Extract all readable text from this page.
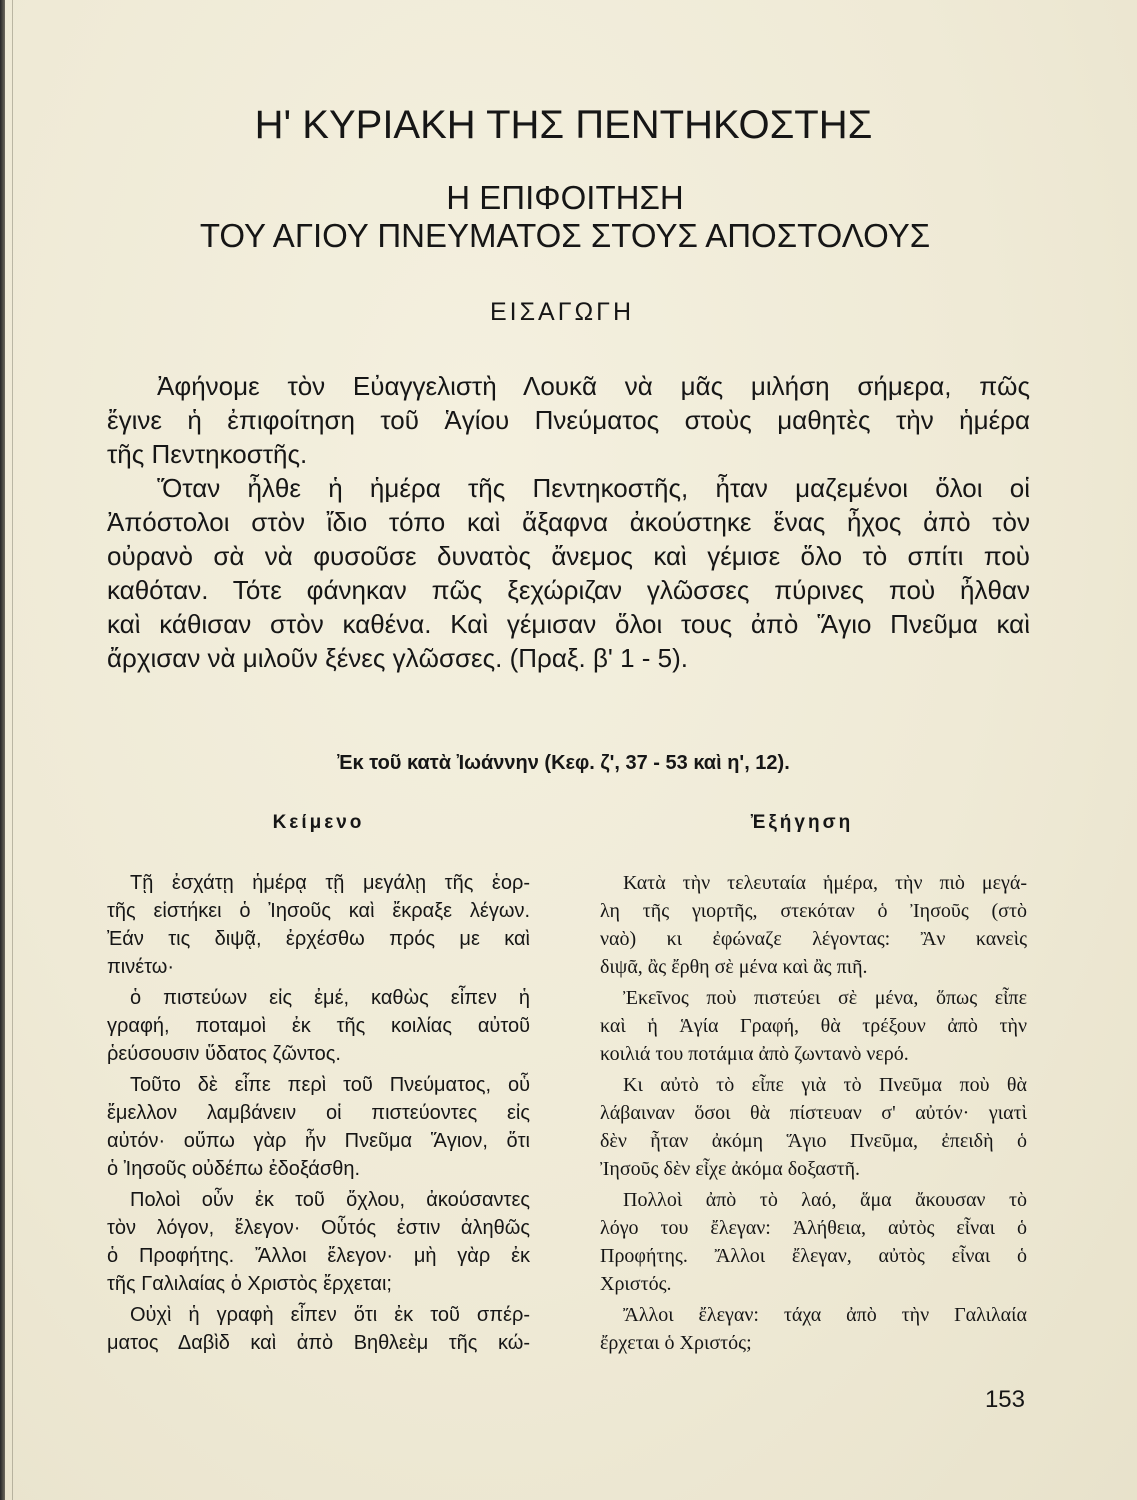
Η' ΚΥΡΙΑΚΗ ΤΗΣ ΠΕΝΤΗΚΟΣΤΗΣ
Η ΕΠΙΦΟΙΤΗΣΗ
ΤΟΥ ΑΓΙΟΥ ΠΝΕΥΜΑΤΟΣ ΣΤΟΥΣ ΑΠΟΣΤΟΛΟΥΣ
ΕΙΣΑΓΩΓΗ
Ἀφήνομε τὸν Εὐαγγελιστὴ Λουκᾶ νὰ μᾶς μιλήση σήμερα, πῶς
ἔγινε ἡ ἐπιφοίτηση τοῦ Ἁγίου Πνεύματος στοὺς μαθητὲς τὴν ἡμέρα
τῆς Πεντηκοστῆς.
Ὅταν ἦλθε ἡ ἡμέρα τῆς Πεντηκοστῆς, ἦταν μαζεμένοι ὅλοι οἱ
Ἀπόστολοι στὸν ἴδιο τόπο καὶ ἄξαφνα ἀκούστηκε ἕνας ἦχος ἀπὸ τὸν
οὐρανὸ σὰ νὰ φυσοῦσε δυνατὸς ἄνεμος καὶ γέμισε ὅλο τὸ σπίτι ποὺ
καθόταν. Τότε φάνηκαν πῶς ξεχώριζαν γλῶσσες πύρινες ποὺ ἦλθαν
καὶ κάθισαν στὸν καθένα. Καὶ γέμισαν ὅλοι τους ἀπὸ Ἅγιο Πνεῦμα καὶ
ἄρχισαν νὰ μιλοῦν ξένες γλῶσσες. (Πραξ. β' 1 - 5).
Ἐκ τοῦ κατὰ Ἰωάννην (Κεφ. ζ', 37 - 53 καὶ η', 12).
Κείμενο	Ἐξήγηση
Τῇ ἐσχάτῃ ἡμέρᾳ τῇ μεγάλῃ τῆς ἑορ-
τῆς εἱστήκει ὁ Ἰησοῦς καὶ ἔκραξε λέγων.
Ἐάν τις διψᾷ, ἐρχέσθω πρός με καὶ
πινέτω·
ὁ πιστεύων εἰς ἐμέ, καθὼς εἶπεν ἡ
γραφή, ποταμοὶ ἐκ τῆς κοιλίας αὐτοῦ
ῥεύσουσιν ὕδατος ζῶντος.
Τοῦτο δὲ εἶπε περὶ τοῦ Πνεύματος, οὗ
ἔμελλον λαμβάνειν οἱ πιστεύοντες εἰς
αὐτόν· οὔπω γὰρ ἦν Πνεῦμα Ἅγιον, ὅτι
ὁ Ἰησοῦς οὐδέπω ἐδοξάσθη.
Πολοὶ οὖν ἐκ τοῦ ὄχλου, ἀκούσαντες
τὸν λόγον, ἔλεγον· Οὗτός ἐστιν ἀληθῶς
ὁ Προφήτης. Ἄλλοι ἔλεγον· μὴ γὰρ ἐκ
τῆς Γαλιλαίας ὁ Χριστὸς ἔρχεται;
Οὐχὶ ἡ γραφὴ εἶπεν ὅτι ἐκ τοῦ σπέρ-
ματος Δαβὶδ καὶ ἀπὸ Βηθλεὲμ τῆς κώ-
Κατὰ τὴν τελευταία ἡμέρα, τὴν πιὸ μεγά-
λη τῆς γιορτῆς, στεκόταν ὁ Ἰησοῦς (στὸ
ναὸ) κι ἐφώναζε λέγοντας: Ἂν κανεὶς
διψᾶ, ἂς ἔρθη σὲ μένα καὶ ἂς πιῆ.
Ἐκεῖνος ποὺ πιστεύει σὲ μένα, ὅπως εἶπε
καὶ ἡ Ἁγία Γραφή, θὰ τρέξουν ἀπὸ τὴν
κοιλιά του ποτάμια ἀπὸ ζωντανὸ νερό.
Κι αὐτὸ τὸ εἶπε γιὰ τὸ Πνεῦμα ποὺ θὰ
λάβαιναν ὅσοι θὰ πίστευαν σ' αὐτόν· γιατὶ
δὲν ἦταν ἀκόμη Ἅγιο Πνεῦμα, ἐπειδὴ ὁ
Ἰησοῦς δὲν εἶχε ἀκόμα δοξαστῆ.
Πολλοὶ ἀπὸ τὸ λαό, ἅμα ἄκουσαν τὸ
λόγο του ἔλεγαν: Ἀλήθεια, αὐτὸς εἶναι ὁ
Προφήτης. Ἄλλοι ἔλεγαν, αὐτὸς εἶναι ὁ
Χριστός.
Ἄλλοι ἔλεγαν: τάχα ἀπὸ τὴν Γαλιλαία
ἔρχεται ὁ Χριστός;
153
